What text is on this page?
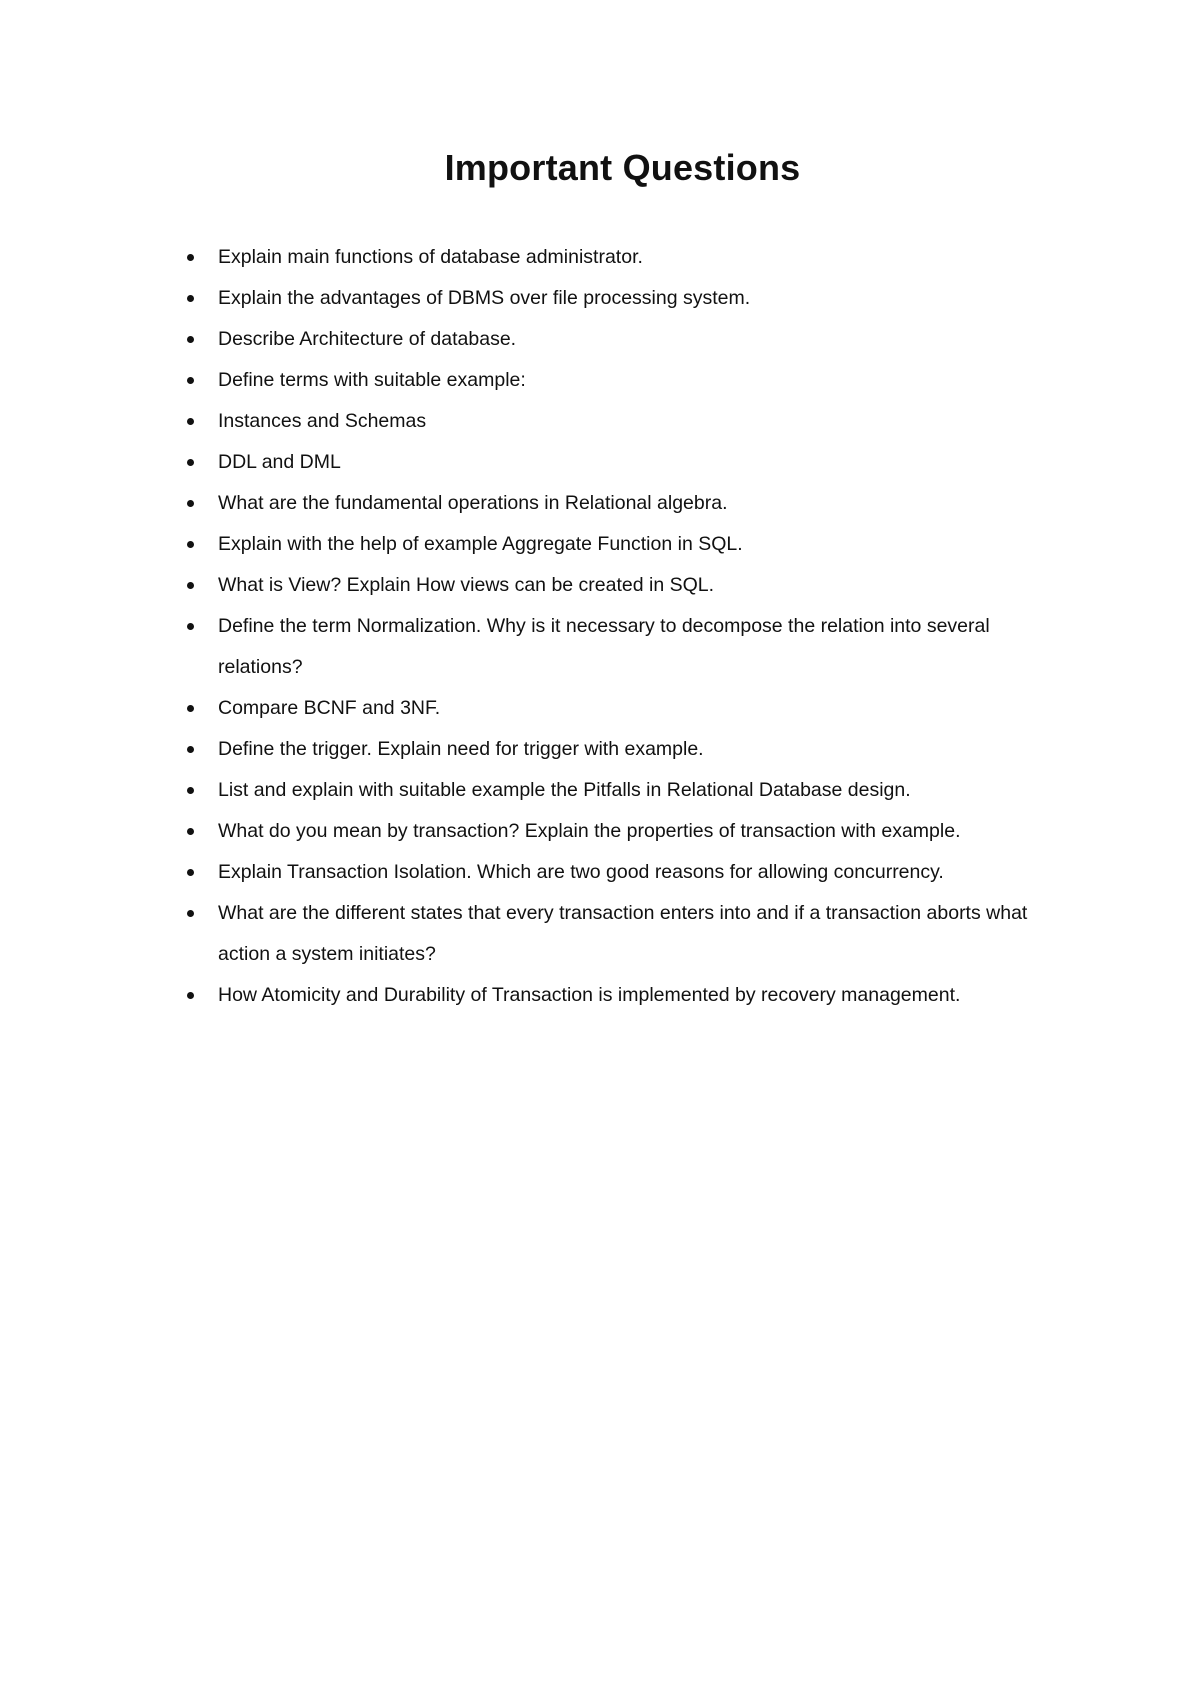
Important Questions
Explain main functions of database administrator.
Explain the advantages of DBMS over file processing system.
Describe Architecture of database.
Define terms with suitable example:
Instances and Schemas
DDL and DML
What are the fundamental operations in Relational algebra.
Explain with the help of example Aggregate Function in SQL.
What is View? Explain How views can be created in SQL.
Define the term Normalization. Why is it necessary to decompose the relation into several relations?
Compare BCNF and 3NF.
Define the trigger. Explain need for trigger with example.
List and explain with suitable example the Pitfalls in Relational Database design.
What do you mean by transaction? Explain the properties of transaction with example.
Explain Transaction Isolation. Which are two good reasons for allowing concurrency.
What are the different states that every transaction enters into and if a transaction aborts what action a system initiates?
How Atomicity and Durability of Transaction is implemented by recovery management.
